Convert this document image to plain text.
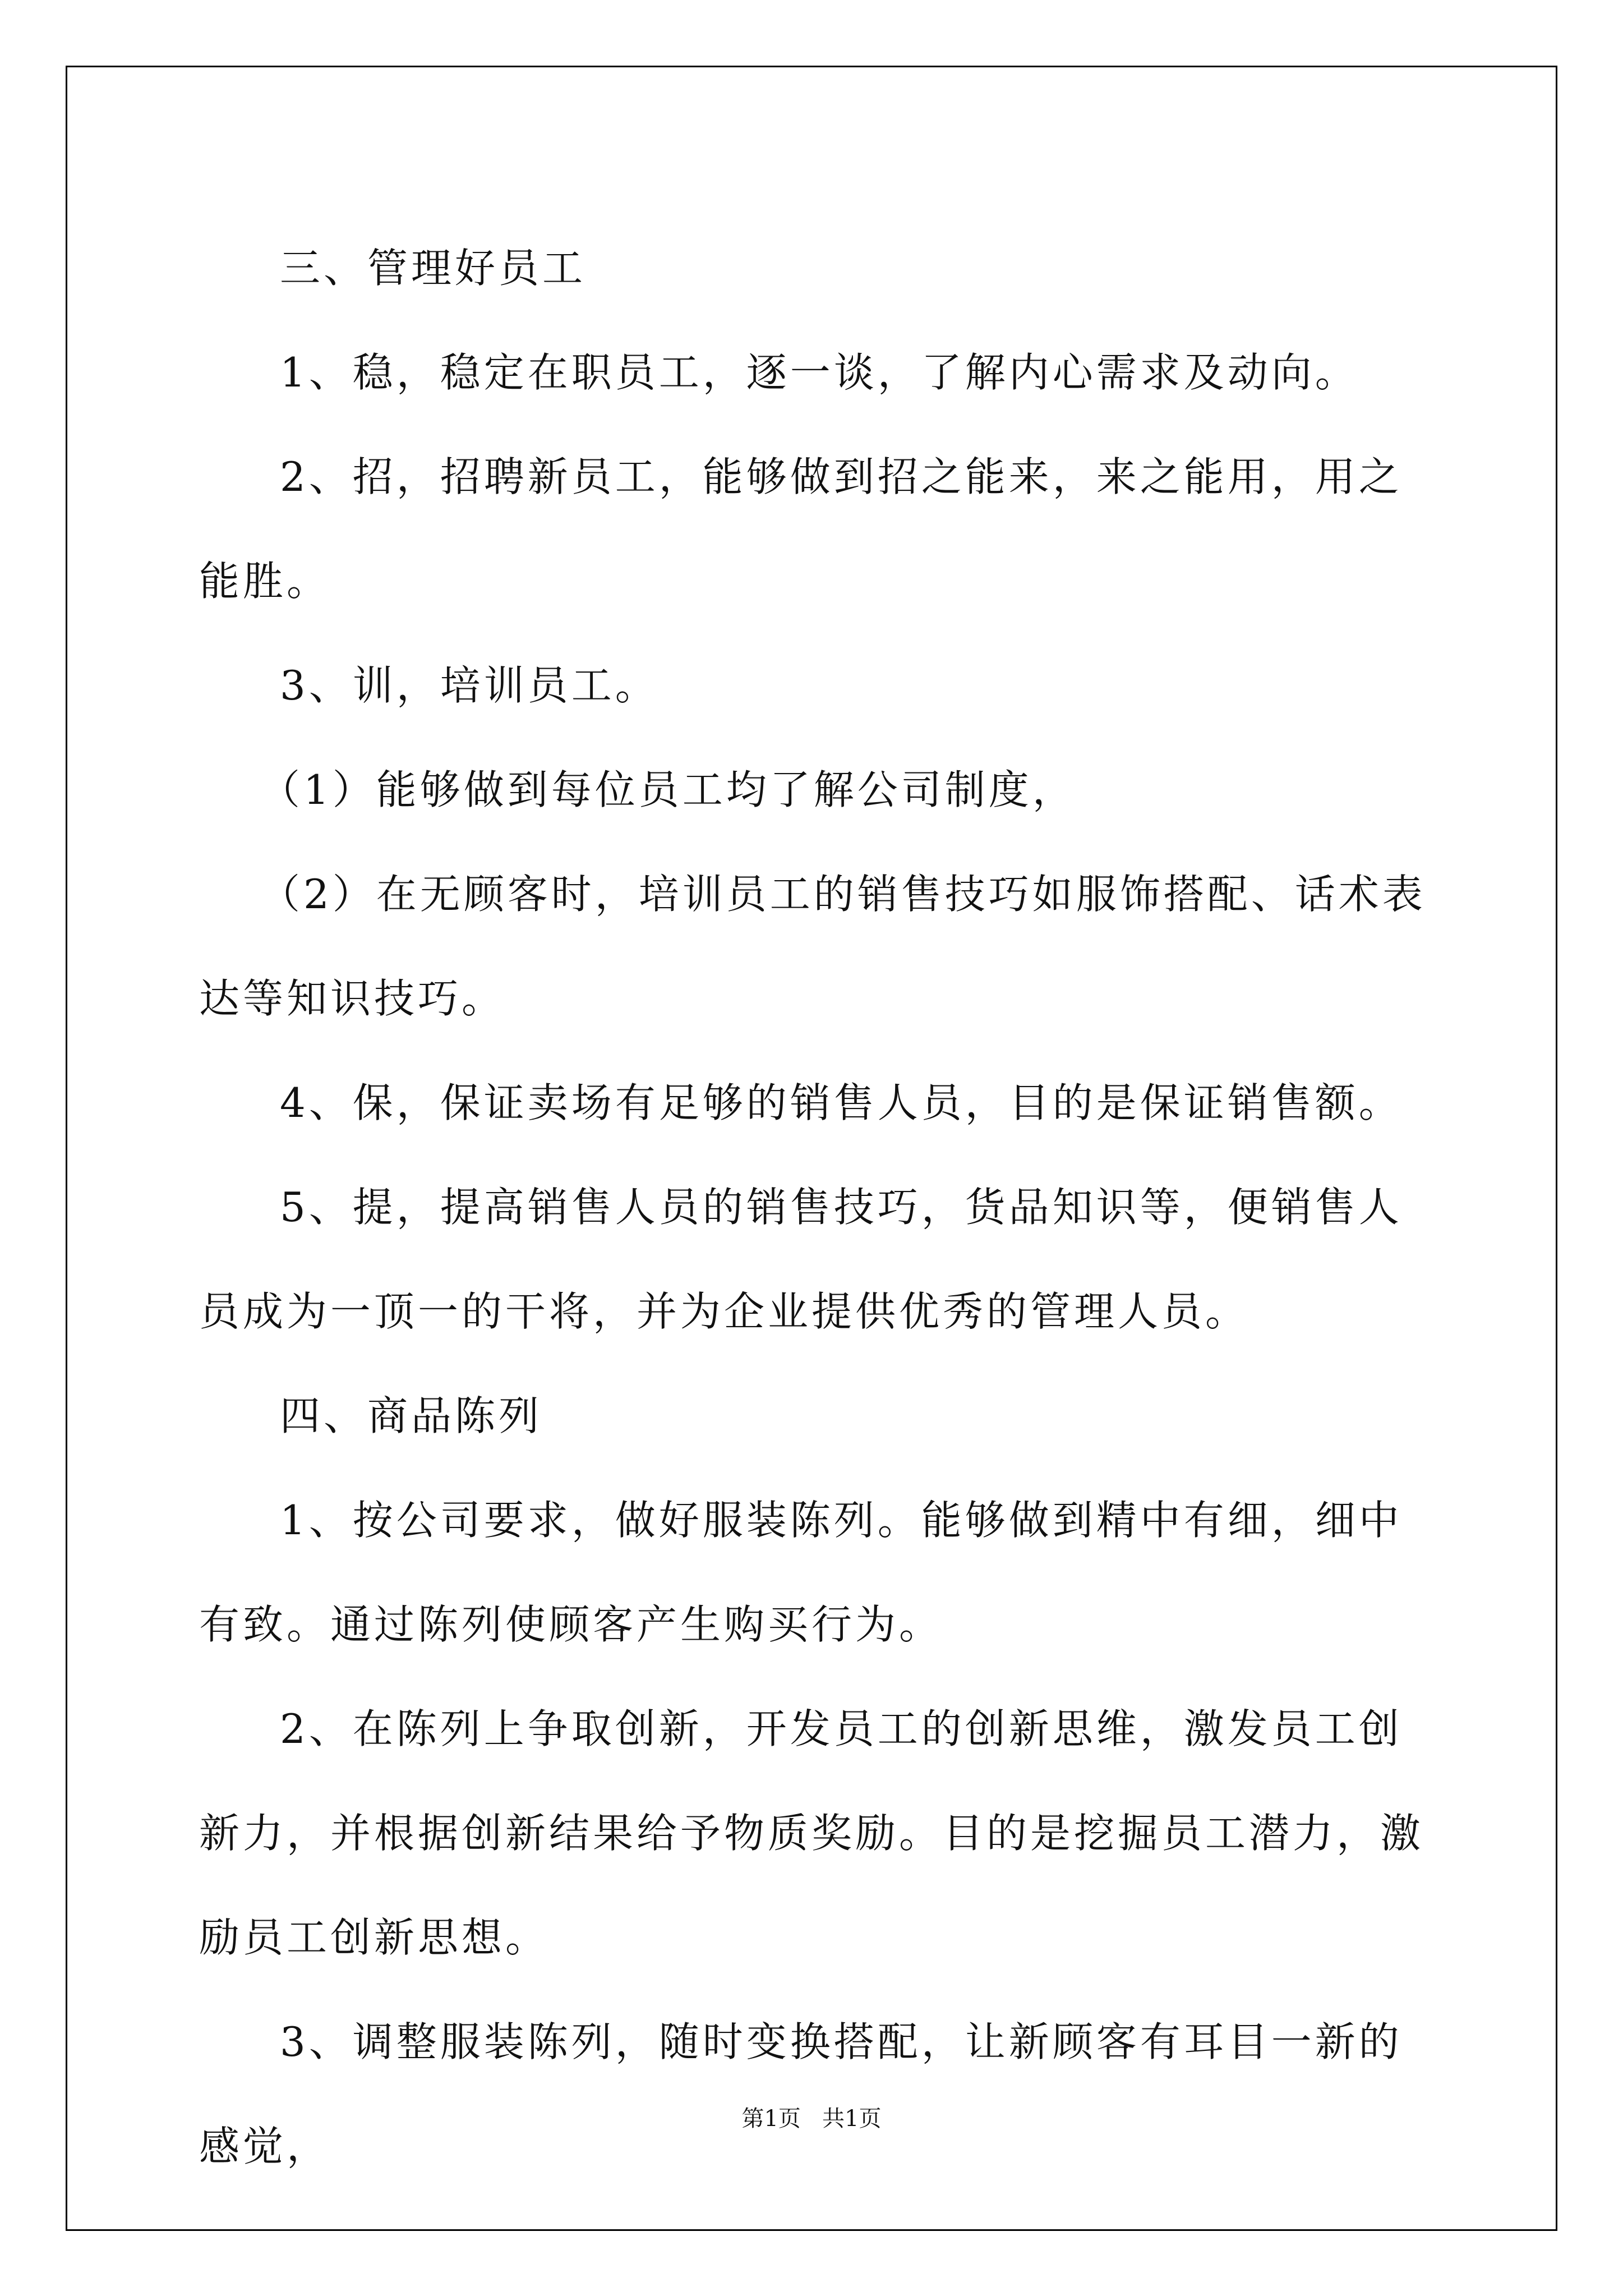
三、管理好员工

1、稳，稳定在职员工，逐一谈，了解内心需求及动向。

2、招，招聘新员工，能够做到招之能来，来之能用，用之能胜。

3、训，培训员工。

（1）能够做到每位员工均了解公司制度，

（2）在无顾客时，培训员工的销售技巧如服饰搭配、话术表达等知识技巧。

4、保，保证卖场有足够的销售人员，目的是保证销售额。

5、提，提高销售人员的销售技巧，货品知识等，便销售人员成为一顶一的干将，并为企业提供优秀的管理人员。

四、商品陈列

1、按公司要求，做好服装陈列。能够做到精中有细，细中有致。通过陈列使顾客产生购买行为。

2、在陈列上争取创新，开发员工的创新思维，激发员工创新力，并根据创新结果给予物质奖励。目的是挖掘员工潜力，激励员工创新思想。

3、调整服装陈列，随时变换搭配，让新顾客有耳目一新的感觉，

第1页   共1页
